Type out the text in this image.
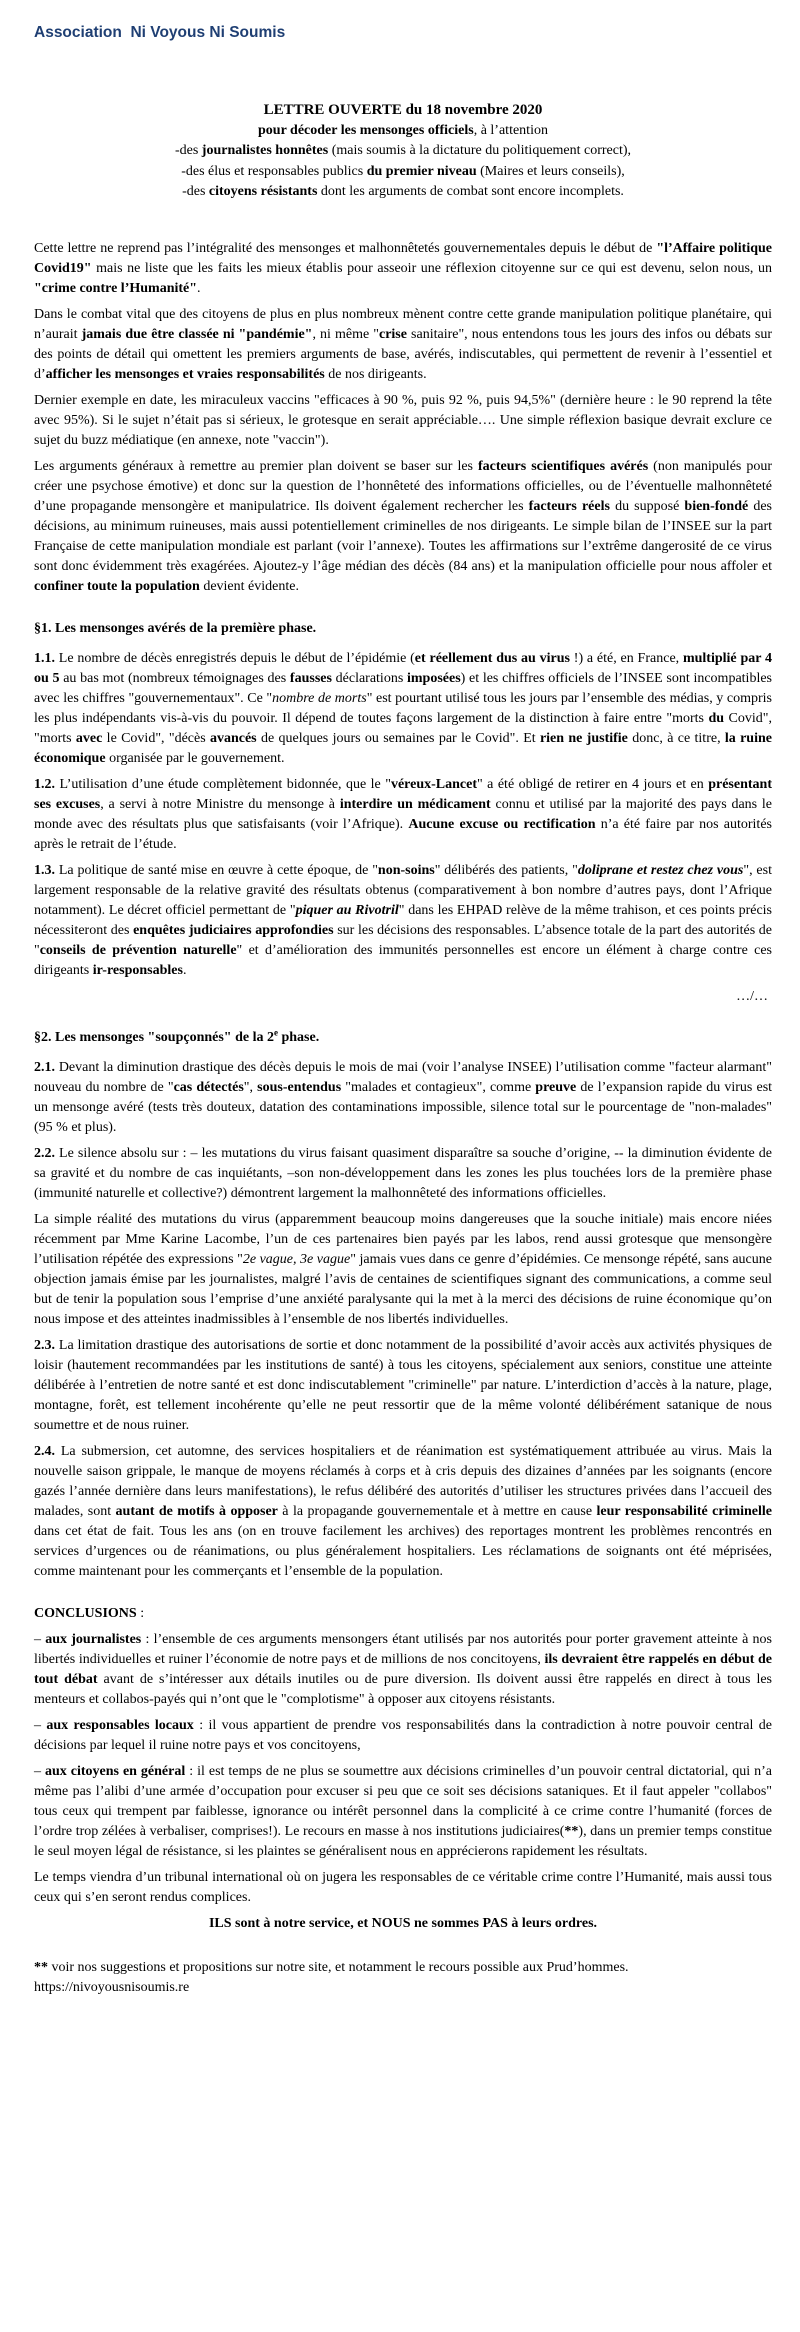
Association  Ni Voyous Ni Soumis
LETTRE OUVERTE du 18 novembre 2020
pour décoder les mensonges officiels, à l’attention
-des journalistes honnêtes (mais soumis à la dictature du politiquement correct),
-des élus et responsables publics du premier niveau (Maires et leurs conseils),
-des citoyens résistants dont les arguments de combat sont encore incomplets.

Cette lettre ne reprend pas l’intégralité des mensonges et malhonnêtetés gouvernementales depuis le début de "l’Affaire politique Covid19" mais ne liste que les faits les mieux établis pour asseoir une réflexion citoyenne sur ce qui est devenu, selon nous, un "crime contre l’Humanité".

Dans le combat vital que des citoyens de plus en plus nombreux mènent contre cette grande manipulation politique planétaire, qui n’aurait jamais due être classée ni "pandémie", ni même "crise sanitaire", nous entendons tous les jours des infos ou débats sur des points de détail qui omettent les premiers arguments de base, avérés, indiscutables, qui permettent de revenir à l’essentiel et d’afficher les mensonges et vraies responsabilités de nos dirigeants.

Dernier exemple en date, les miraculeux vaccins "efficaces à 90 %, puis 92 %, puis 94,5%" (dernière heure : le 90 reprend la tête avec 95%). Si le sujet n’était pas si sérieux, le grotesque en serait appréciable…. Une simple réflexion basique devrait exclure ce sujet du buzz médiatique (en annexe, note "vaccin").

Les arguments généraux à remettre au premier plan doivent se baser sur les facteurs scientifiques avérés (non manipulés pour créer une psychose émotive) et donc sur la question de l’honnêteté des informations officielles, ou de l’éventuelle malhonnêteté d’une propagande mensongère et manipulatrice. Ils doivent également rechercher les facteurs réels du supposé bien-fondé des décisions, au minimum ruineuses, mais aussi potentiellement criminelles de nos dirigeants. Le simple bilan de l’INSEE sur la part Française de cette manipulation mondiale est parlant (voir l’annexe). Toutes les affirmations sur l’extrême dangerosité de ce virus sont donc évidemment très exagérées. Ajoutez-y l’âge médian des décès (84 ans) et la manipulation officielle pour nous affoler et confiner toute la population devient évidente.

§1. Les mensonges avérés de la première phase.

1.1. Le nombre de décès enregistrés depuis le début de l’épidémie (et réellement dus au virus !) a été, en France, multiplié par 4 ou 5 au bas mot (nombreux témoignages des fausses déclarations imposées) et les chiffres officiels de l’INSEE sont incompatibles avec les chiffres "gouvernementaux". Ce "nombre de morts" est pourtant utilisé tous les jours par l’ensemble des médias, y compris les plus indépendants vis-à-vis du pouvoir. Il dépend de toutes façons largement de la distinction à faire entre "morts du Covid", "morts avec le Covid", "décès avancés de quelques jours ou semaines par le Covid". Et rien ne justifie donc, à ce titre, la ruine économique organisée par le gouvernement.

1.2. L’utilisation d’une étude complètement bidonnée, que le "véreux-Lancet" a été obligé de retirer en 4 jours et en présentant ses excuses, a servi à notre Ministre du mensonge à interdire un médicament connu et utilisé par la majorité des pays dans le monde avec des résultats plus que satisfaisants (voir l’Afrique). Aucune excuse ou rectification n’a été faire par nos autorités après le retrait de l’étude.

1.3. La politique de santé mise en œuvre à cette époque, de "non-soins" délibérés des patients, "doliprane et restez chez vous", est largement responsable de la relative gravité des résultats obtenus (comparativement à bon nombre d’autres pays, dont l’Afrique notamment). Le décret officiel permettant de "piquer au Rivotril" dans les EHPAD relève de la même trahison, et ces points précis nécessiteront des enquêtes judiciaires approfondies sur les décisions des responsables. L’absence totale de la part des autorités de "conseils de prévention naturelle" et d’amélioration des immunités personnelles est encore un élément à charge contre ces dirigeants ir-responsables.

…/…
§2. Les mensonges "soupçonnés" de la 2e phase.

2.1. Devant la diminution drastique des décès depuis le mois de mai (voir l’analyse INSEE) l’utilisation comme "facteur alarmant" nouveau du nombre de "cas détectés", sous-entendus "malades et contagieux", comme preuve de l’expansion rapide du virus est un mensonge avéré (tests très douteux, datation des contaminations impossible, silence total sur le pourcentage de "non-malades" (95 % et plus).

2.2. Le silence absolu sur : – les mutations du virus faisant quasiment disparaître sa souche d’origine, -- la diminution évidente de sa gravité et du nombre de cas inquiétants, –son non-développement dans les zones les plus touchées lors de la première phase (immunité naturelle et collective?) démontrent largement la malhonnêteté des informations officielles.

La simple réalité des mutations du virus (apparemment beaucoup moins dangereuses que la souche initiale) mais encore niées récemment par Mme Karine Lacombe, l’un de ces partenaires bien payés par les labos, rend aussi grotesque que mensongère l’utilisation répétée des expressions "2e vague, 3e vague" jamais vues dans ce genre d’épidémies. Ce mensonge répété, sans aucune objection jamais émise par les journalistes, malgré l’avis de centaines de scientifiques signant des communications, a comme seul but de tenir la population sous l’emprise d’une anxiété paralysante qui la met à la merci des décisions de ruine économique qu’on nous impose et des atteintes inadmissibles à l’ensemble de nos libertés individuelles.

2.3. La limitation drastique des autorisations de sortie et donc notamment de la possibilité d’avoir accès aux activités physiques de loisir (hautement recommandées par les institutions de santé) à tous les citoyens, spécialement aux seniors, constitue une atteinte délibérée à l’entretien de notre santé et est donc indiscutablement "criminelle" par nature. L’interdiction d’accès à la nature, plage, montagne, forêt, est tellement incohérente qu’elle ne peut ressortir que de la même volonté délibérément satanique de nous soumettre et de nous ruiner.

2.4. La submersion, cet automne, des services hospitaliers et de réanimation est systématiquement attribuée au virus. Mais la nouvelle saison grippale, le manque de moyens réclamés à corps et à cris depuis des dizaines d’années par les soignants (encore gazés l’année dernière dans leurs manifestations), le refus délibéré des autorités d’utiliser les structures privées dans l’accueil des malades, sont autant de motifs à opposer à la propagande gouvernementale et à mettre en cause leur responsabilité criminelle dans cet état de fait. Tous les ans (on en trouve facilement les archives) des reportages montrent les problèmes rencontrés en services d’urgences ou de réanimations, ou plus généralement hospitaliers. Les réclamations de soignants ont été méprisées, comme maintenant pour les commerçants et l’ensemble de la population.

CONCLUSIONS :

– aux journalistes : l’ensemble de ces arguments mensongers étant utilisés par nos autorités pour porter gravement atteinte à nos libertés individuelles et ruiner l’économie de notre pays et de millions de nos concitoyens, ils devraient être rappelés en début de tout débat avant de s’intéresser aux détails inutiles ou de pure diversion. Ils doivent aussi être rappelés en direct à tous les menteurs et collabos-payés qui n’ont que le "complotisme" à opposer aux citoyens résistants.

– aux responsables locaux : il vous appartient de prendre vos responsabilités dans la contradiction à notre pouvoir central de décisions par lequel il ruine notre pays et vos concitoyens,

– aux citoyens en général : il est temps de ne plus se soumettre aux décisions criminelles d’un pouvoir central dictatorial, qui n’a même pas l’alibi d’une armée d’occupation pour excuser si peu que ce soit ses décisions sataniques. Et il faut appeler "collabos" tous ceux qui trempent par faiblesse, ignorance ou intérêt personnel dans la complicité à ce crime contre l’humanité (forces de l’ordre trop zélées à verbaliser, comprises!). Le recours en masse à nos institutions judiciaires(**), dans un premier temps constitue le seul moyen légal de résistance, si les plaintes se généralisent nous en apprécierons rapidement les résultats.

Le temps viendra d’un tribunal international où on jugera les responsables de ce véritable crime contre l’Humanité, mais aussi tous ceux qui s’en seront rendus complices.

ILS sont à notre service, et NOUS ne sommes PAS à leurs ordres.
** voir nos suggestions et propositions sur notre site, et notamment le recours possible aux Prud’hommes.
https://nivoyousnisoumis.re
